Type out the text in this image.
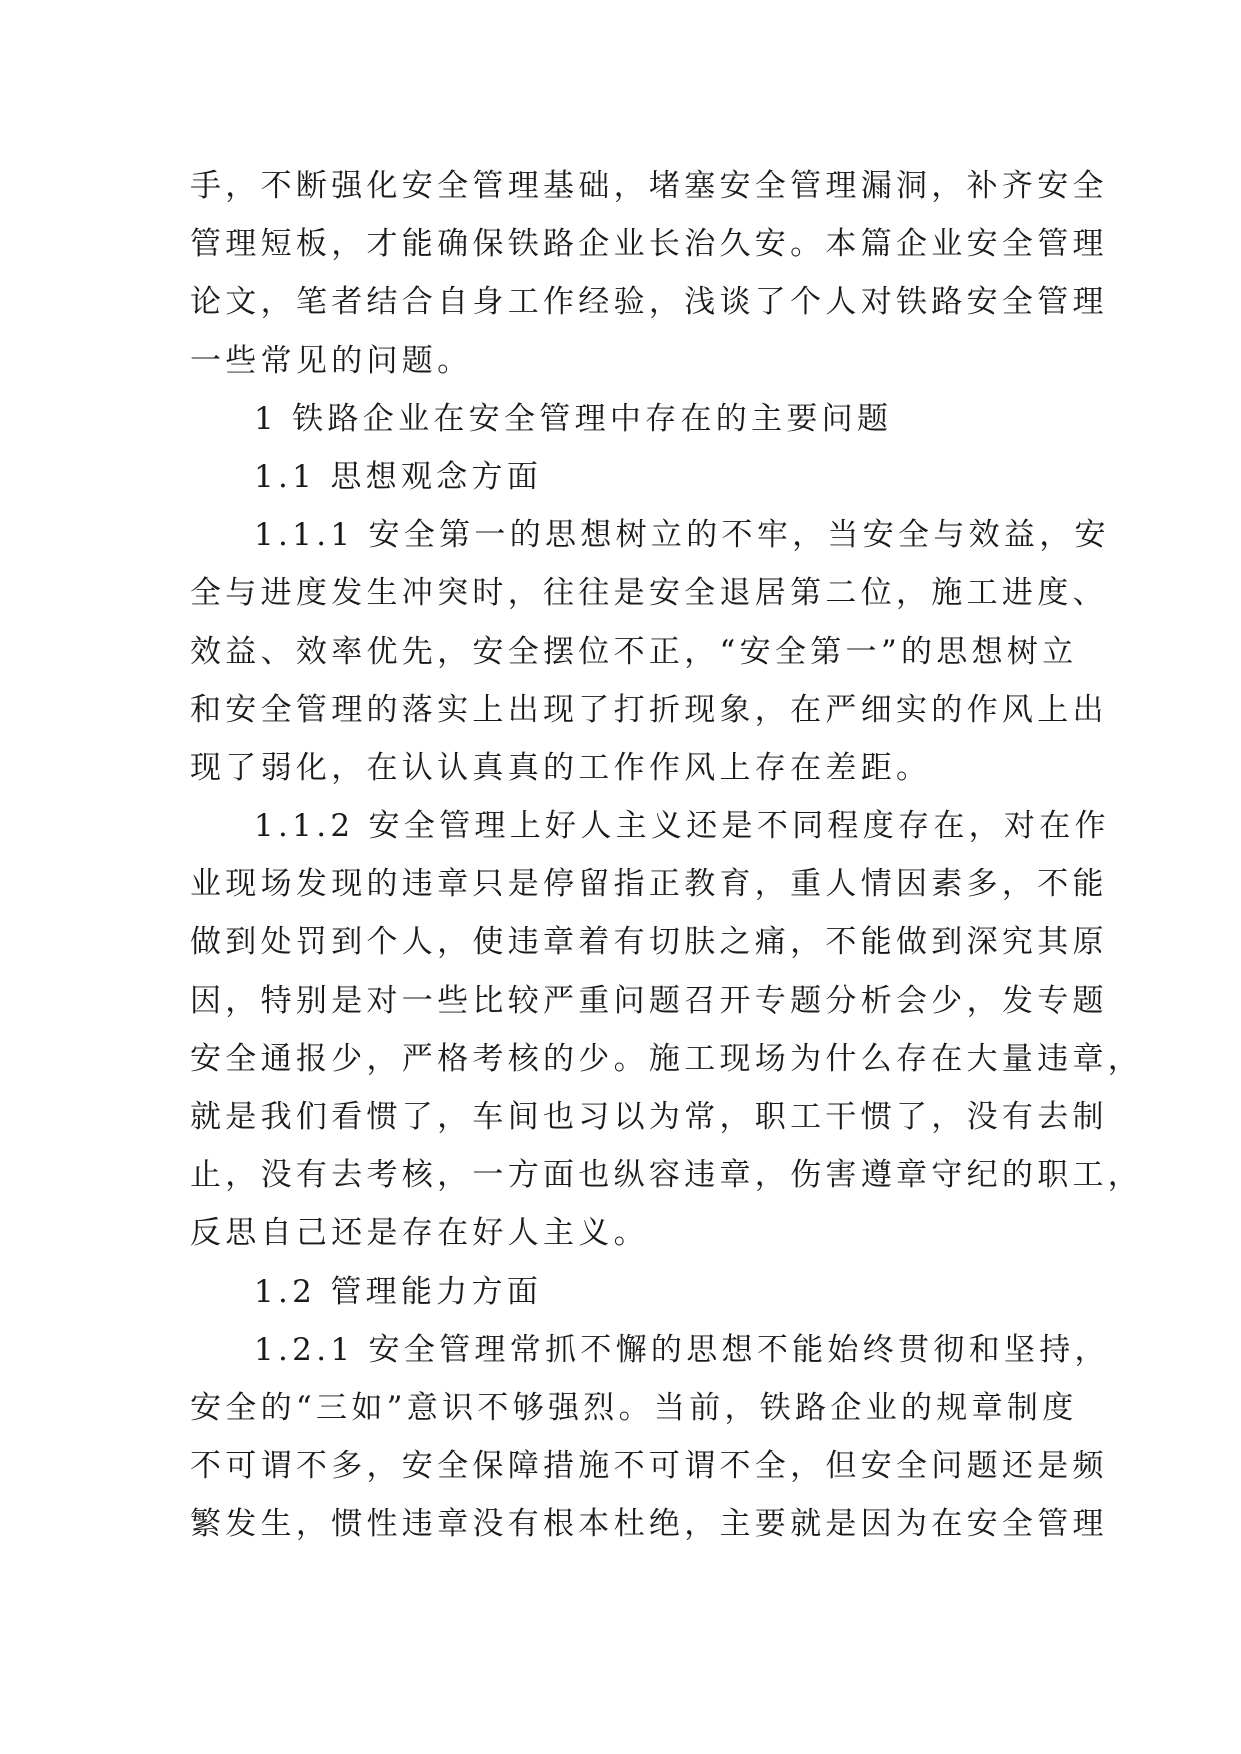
手，不断强化安全管理基础，堵塞安全管理漏洞，补齐安全
管理短板，才能确保铁路企业长治久安。本篇企业安全管理
论文，笔者结合自身工作经验，浅谈了个人对铁路安全管理
一些常见的问题。
1 铁路企业在安全管理中存在的主要问题
1.1 思想观念方面
1.1.1 安全第一的思想树立的不牢，当安全与效益，安
全与进度发生冲突时，往往是安全退居第二位，施工进度、
效益、效率优先，安全摆位不正，“安全第一”的思想树立
和安全管理的落实上出现了打折现象，在严细实的作风上出
现了弱化，在认认真真的工作作风上存在差距。
1.1.2 安全管理上好人主义还是不同程度存在，对在作
业现场发现的违章只是停留指正教育，重人情因素多，不能
做到处罚到个人，使违章着有切肤之痛，不能做到深究其原
因，特别是对一些比较严重问题召开专题分析会少，发专题
安全通报少，严格考核的少。施工现场为什么存在大量违章，
就是我们看惯了，车间也习以为常，职工干惯了，没有去制
止，没有去考核，一方面也纵容违章，伤害遵章守纪的职工，
反思自己还是存在好人主义。
1.2 管理能力方面
1.2.1 安全管理常抓不懈的思想不能始终贯彻和坚持，
安全的“三如”意识不够强烈。当前，铁路企业的规章制度
不可谓不多，安全保障措施不可谓不全，但安全问题还是频
繁发生，惯性违章没有根本杜绝，主要就是因为在安全管理
